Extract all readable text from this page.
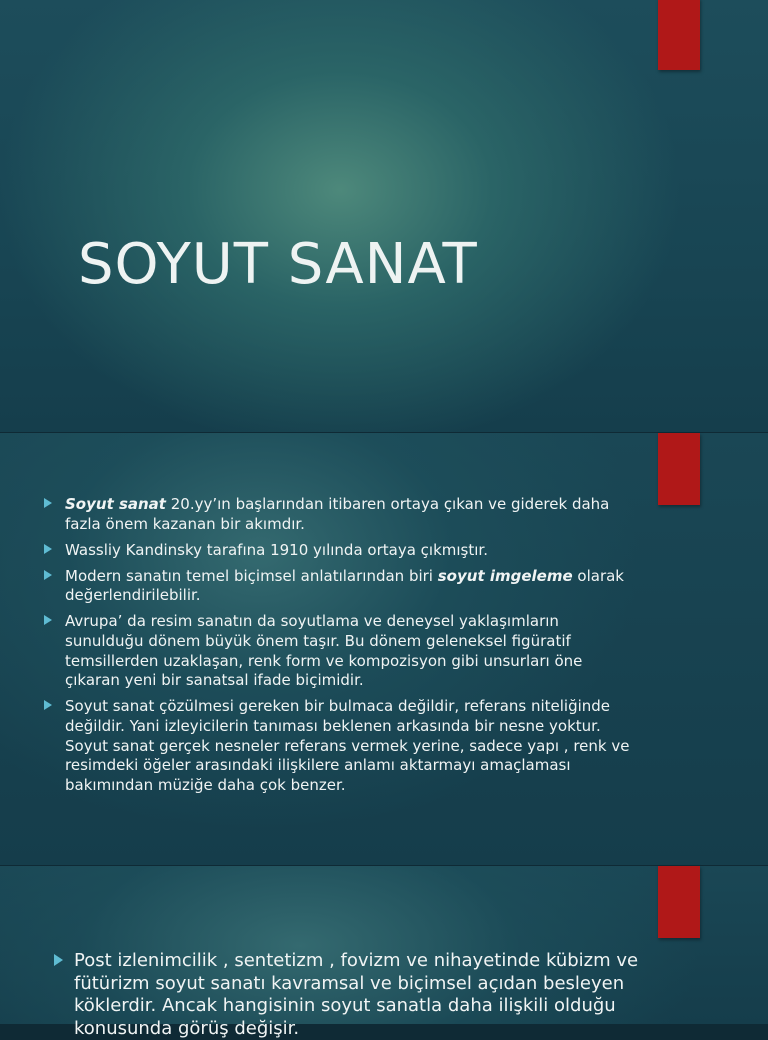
SOYUT SANAT
Soyut sanat 20.yy’ın başlarından itibaren ortaya çıkan ve giderek daha fazla önem kazanan bir akımdır.
Wassliy Kandinsky tarafına 1910 yılında ortaya çıkmıştır.
Modern sanatın temel biçimsel anlatılarından biri soyut imgeleme olarak değerlendirilebilir.
Avrupa’ da resim sanatın da soyutlama ve deneysel yaklaşımların sunulduğu dönem büyük önem taşır. Bu dönem geleneksel figüratif temsillerden uzaklaşan, renk form ve kompozisyon gibi unsurları öne çıkaran yeni bir sanatsal ifade biçimidir.
Soyut sanat çözülmesi gereken bir bulmaca değildir, referans niteliğinde değildir. Yani izleyicilerin tanıması beklenen arkasında bir nesne yoktur. Soyut sanat gerçek nesneler referans vermek yerine, sadece yapı , renk ve resimdeki öğeler arasındaki ilişkilere anlamı aktarmayı amaçlaması bakımından müziğe daha çok benzer.
Post izlenimcilik , sentetizm , fovizm ve nihayetinde kübizm ve fütürizm soyut sanatı kavramsal ve biçimsel açıdan besleyen köklerdir. Ancak hangisinin soyut sanatla daha ilişkili olduğu konusunda görüş değişir.
